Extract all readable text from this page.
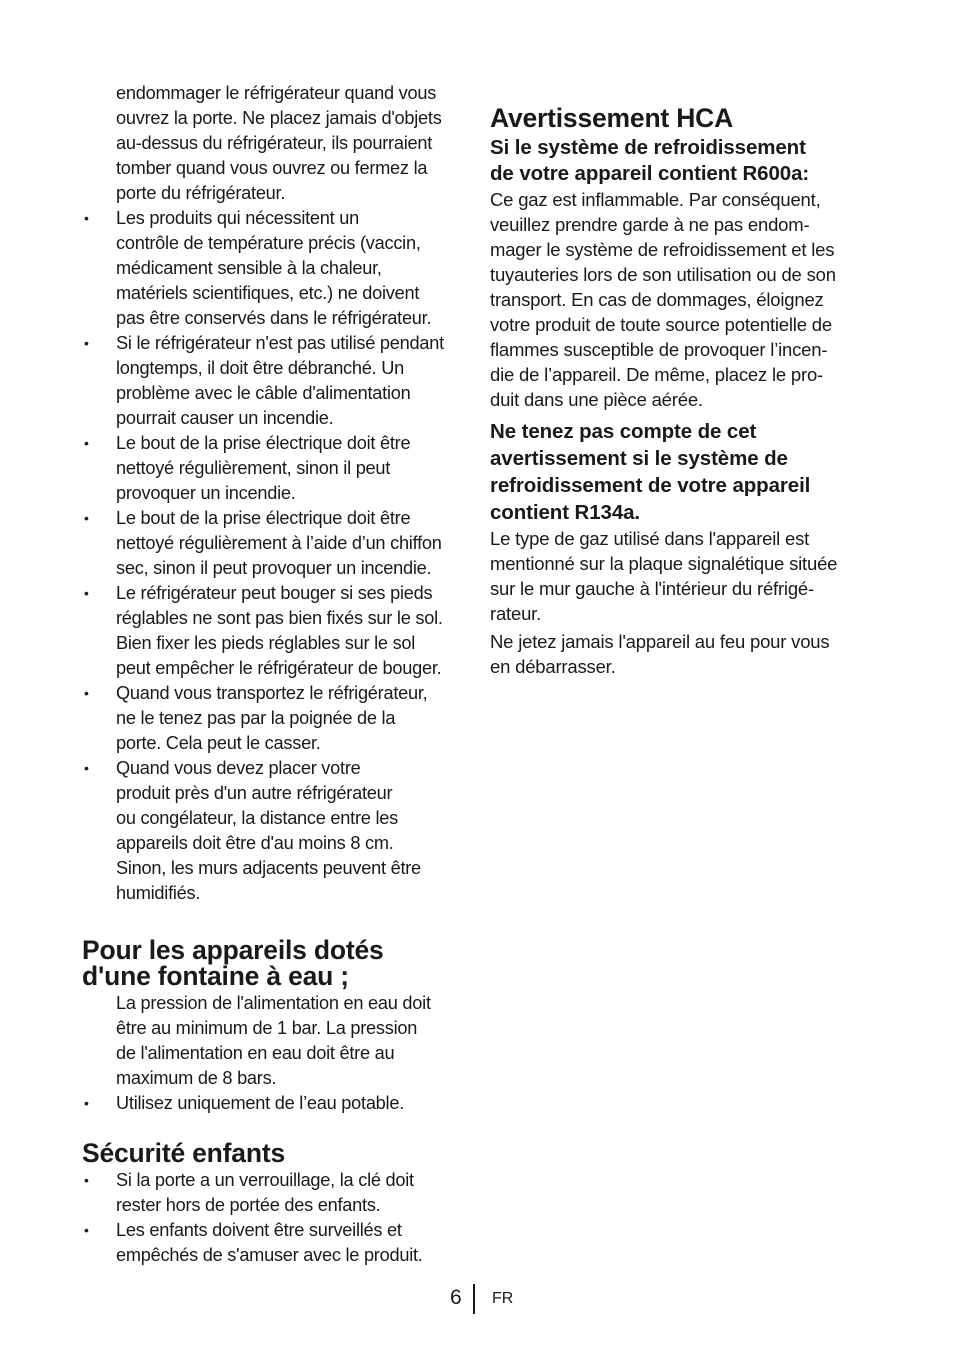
endommager le réfrigérateur quand vous
ouvrez la porte. Ne placez jamais d'objets
au-dessus du réfrigérateur, ils pourraient
tomber quand vous ouvrez ou fermez la
porte du réfrigérateur.

• Les produits qui nécessitent un
contrôle de température précis (vaccin,
médicament sensible à la chaleur,
matériels scientifiques, etc.) ne doivent
pas être conservés dans le réfrigérateur.
• Si le réfrigérateur n'est pas utilisé pendant
longtemps, il doit être débranché. Un
problème avec le câble d'alimentation
pourrait causer un incendie.
• Le bout de la prise électrique doit être
nettoyé régulièrement, sinon il peut
provoquer un incendie.
• Le bout de la prise électrique doit être
nettoyé régulièrement à l’aide d’un chiffon
sec, sinon il peut provoquer un incendie.
• Le réfrigérateur peut bouger si ses pieds
réglables ne sont pas bien fixés sur le sol.
Bien fixer les pieds réglables sur le sol
peut empêcher le réfrigérateur de bouger.
• Quand vous transportez le réfrigérateur,
ne le tenez pas par la poignée de la
porte. Cela peut le casser.
• Quand vous devez placer votre
produit près d'un autre réfrigérateur
ou congélateur, la distance entre les
appareils doit être d'au moins 8 cm.
Sinon, les murs adjacents peuvent être
humidifiés.
Pour les appareils dotés
d'une fontaine à eau ;

La pression de l'alimentation en eau doit
être au minimum de 1 bar. La pression
de l'alimentation en eau doit être au
maximum de 8 bars.

• Utilisez uniquement de l’eau potable.
Sécurité enfants
• Si la porte a un verrouillage, la clé doit
rester hors de portée des enfants.
• Les enfants doivent être surveillés et
empêchés de s'amuser avec le produit.
Avertissement HCA
Si le système de refroidissement
de votre appareil contient R600a:

Ce gaz est inflammable. Par conséquent,
veuillez prendre garde à ne pas endom-
mager le système de refroidissement et les
tuyauteries lors de son utilisation ou de son
transport. En cas de dommages, éloignez
votre produit de toute source potentielle de
flammes susceptible de provoquer l’incen-
die de l’appareil. De même, placez le pro-
duit dans une pièce aérée.

Ne tenez pas compte de cet
avertissement si le système de
refroidissement de votre appareil
contient R134a.

Le type de gaz utilisé dans l'appareil est
mentionné sur la plaque signalétique située
sur le mur gauche à l'intérieur du réfrigé-
rateur.

Ne jetez jamais l'appareil au feu pour vous
en débarrasser.

6 FR
